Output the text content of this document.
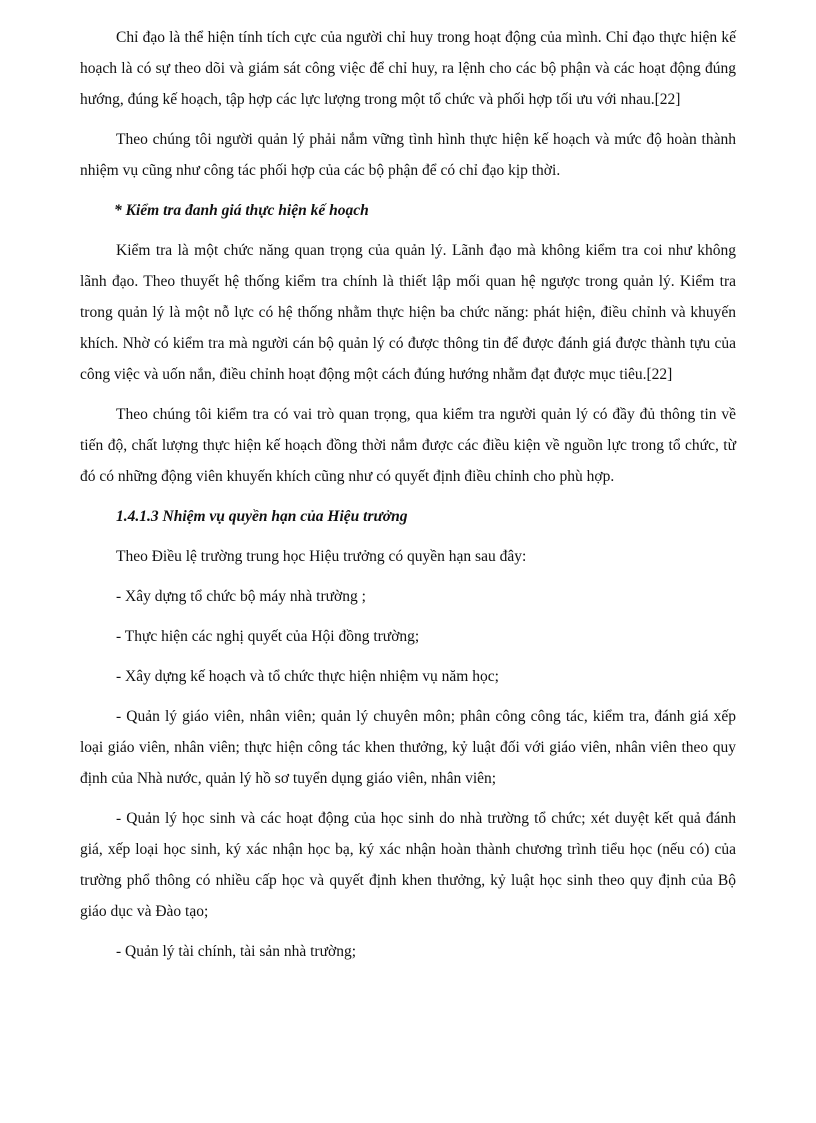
Chỉ đạo là thể hiện tính tích cực của người chỉ huy trong hoạt động của mình. Chỉ đạo thực hiện kế hoạch là có sự theo dõi và giám sát công việc để chỉ huy, ra lệnh cho các bộ phận và các hoạt động đúng hướng, đúng kế hoạch, tập hợp các lực lượng trong một tổ chức và phối hợp tối ưu với nhau.[22]

Theo chúng tôi người quản lý phải nắm vững tình hình thực hiện kế hoạch và mức độ hoàn thành nhiệm vụ cũng như công tác phối hợp của các bộ phận để có chỉ đạo kịp thời.

* Kiểm tra đanh giá thực hiện kế hoạch

Kiểm tra là một chức năng quan trọng của quản lý. Lãnh đạo mà không kiểm tra coi như không lãnh đạo. Theo thuyết hệ thống kiểm tra chính là thiết lập mối quan hệ ngược trong quản lý. Kiểm tra trong quản lý là một nỗ lực có hệ thống nhằm thực hiện ba chức năng: phát hiện, điều chỉnh và khuyến khích. Nhờ có kiểm tra mà người cán bộ quản lý có được thông tin để được đánh giá được thành tựu của công việc và uốn nắn, điều chỉnh hoạt động một cách đúng hướng nhằm đạt được mục tiêu.[22]

Theo chúng tôi kiểm tra có vai trò quan trọng, qua kiểm tra người quản lý có đầy đủ thông tin về tiến độ, chất lượng thực hiện kế hoạch đồng thời nắm được các điều kiện về nguồn lực trong tổ chức, từ đó có những động viên khuyến khích cũng như có quyết định điều chỉnh cho phù hợp.

1.4.1.3 Nhiệm vụ quyền hạn của Hiệu trưởng

Theo Điều lệ trường trung học Hiệu trưởng có quyền hạn sau đây:

- Xây dựng tổ chức bộ máy nhà trường ;

- Thực hiện các nghị quyết của Hội đồng trường;

- Xây dựng kế hoạch và tổ chức thực hiện nhiệm vụ năm học;

- Quản lý giáo viên, nhân viên; quản lý chuyên môn; phân công công tác, kiểm tra, đánh giá xếp loại giáo viên, nhân viên; thực hiện công tác khen thưởng, kỷ luật đối với giáo viên, nhân viên theo quy định của Nhà nước, quản lý hồ sơ tuyển dụng giáo viên, nhân viên;

- Quản lý học sinh và các hoạt động của học sinh do nhà trường tổ chức; xét duyệt kết quả đánh giá, xếp loại học sinh, ký xác nhận học bạ, ký xác nhận hoàn thành chương trình tiểu học (nếu có) của trường phổ thông có nhiều cấp học và quyết định khen thưởng, kỷ luật học sinh theo quy định của Bộ giáo dục và Đào tạo;

- Quản lý tài chính, tài sản nhà trường;
